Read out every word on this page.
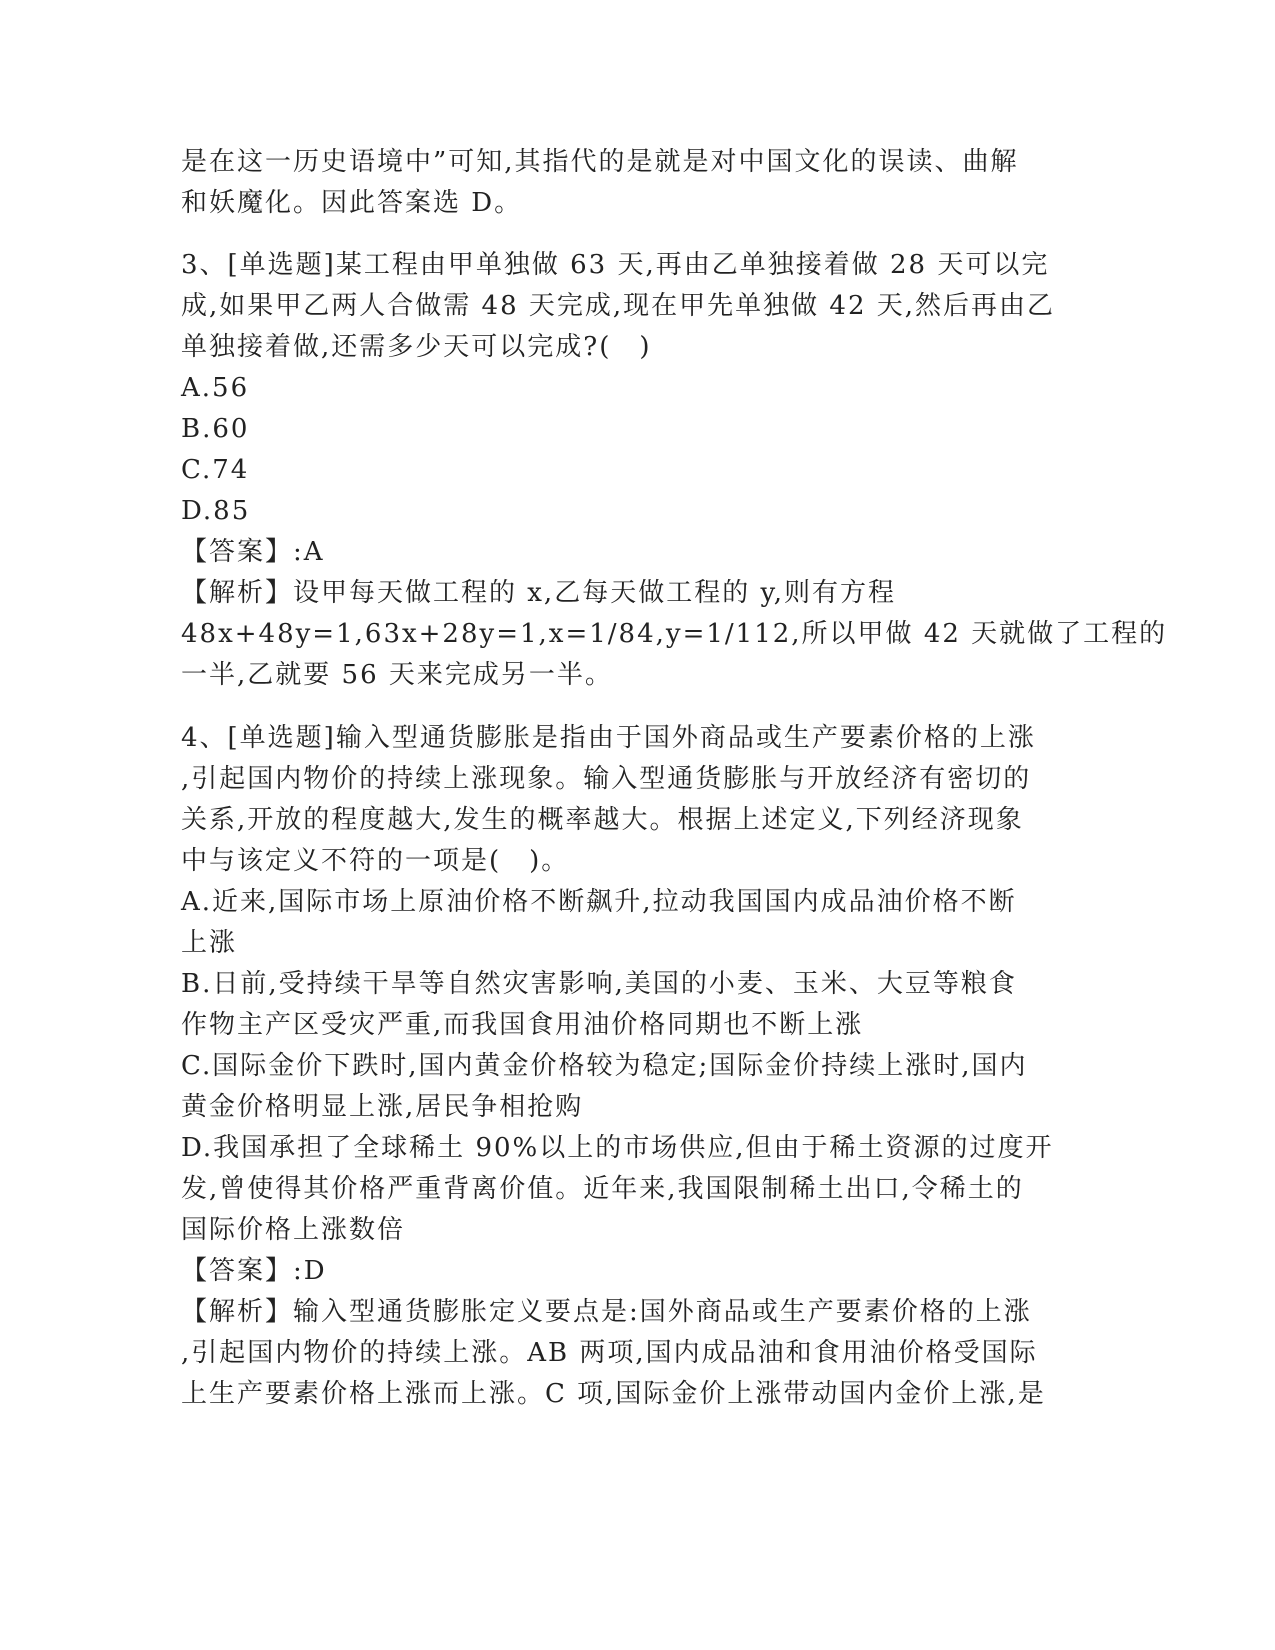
是在这一历史语境中”可知,其指代的是就是对中国文化的误读、曲解
和妖魔化。因此答案选 D。
3、[单选题]某工程由甲单独做 63 天,再由乙单独接着做 28 天可以完
成,如果甲乙两人合做需 48 天完成,现在甲先单独做 42 天,然后再由乙
单独接着做,还需多少天可以完成?(　)
A.56
B.60
C.74
D.85
【答案】:A
【解析】设甲每天做工程的 x,乙每天做工程的 y,则有方程
48x+48y=1,63x+28y=1,x=1/84,y=1/112,所以甲做 42 天就做了工程的
一半,乙就要 56 天来完成另一半。
4、[单选题]输入型通货膨胀是指由于国外商品或生产要素价格的上涨
,引起国内物价的持续上涨现象。输入型通货膨胀与开放经济有密切的
关系,开放的程度越大,发生的概率越大。根据上述定义,下列经济现象
中与该定义不符的一项是(　)。
A.近来,国际市场上原油价格不断飙升,拉动我国国内成品油价格不断
上涨
B.日前,受持续干旱等自然灾害影响,美国的小麦、玉米、大豆等粮食
作物主产区受灾严重,而我国食用油价格同期也不断上涨
C.国际金价下跌时,国内黄金价格较为稳定;国际金价持续上涨时,国内
黄金价格明显上涨,居民争相抢购
D.我国承担了全球稀土 90%以上的市场供应,但由于稀土资源的过度开
发,曾使得其价格严重背离价值。近年来,我国限制稀土出口,令稀土的
国际价格上涨数倍
【答案】:D
【解析】输入型通货膨胀定义要点是:国外商品或生产要素价格的上涨
,引起国内物价的持续上涨。AB 两项,国内成品油和食用油价格受国际
上生产要素价格上涨而上涨。C 项,国际金价上涨带动国内金价上涨,是
